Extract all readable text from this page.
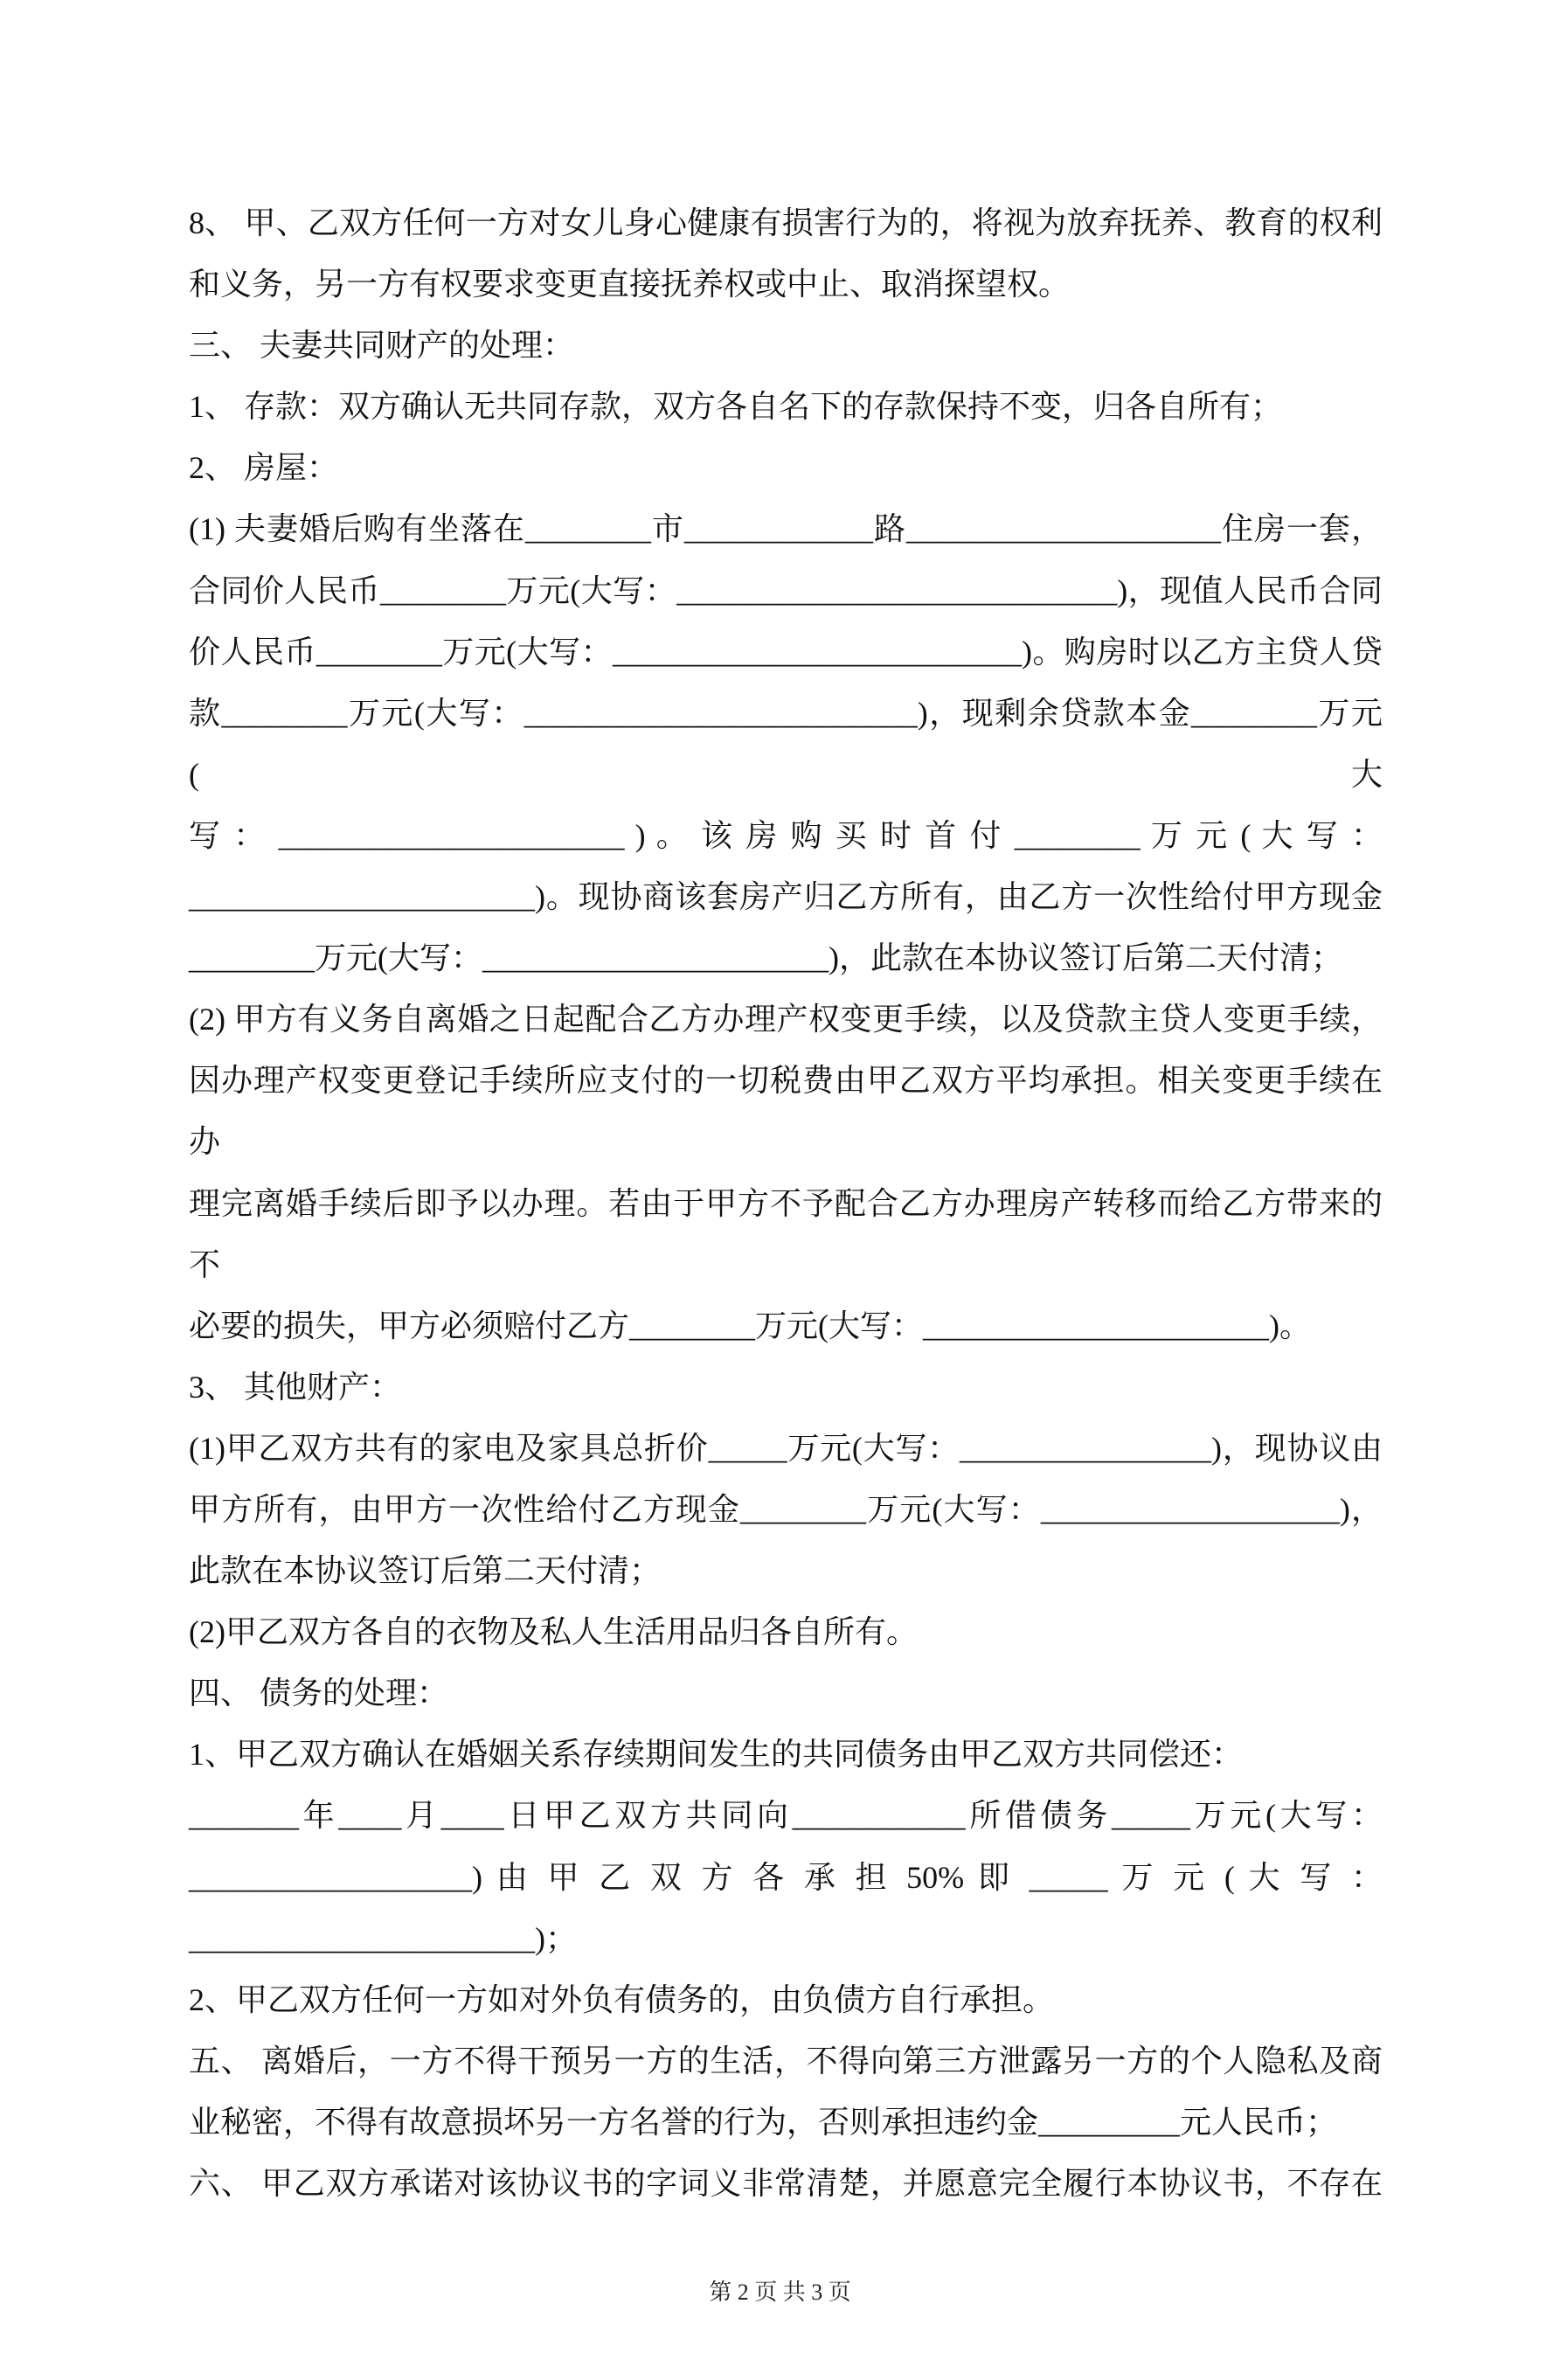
8、 甲、乙双方任何一方对女儿身心健康有损害行为的，将视为放弃抚养、教育的权利
和义务，另一方有权要求变更直接抚养权或中止、取消探望权。
三、 夫妻共同财产的处理：
1、 存款：双方确认无共同存款，双方各自名下的存款保持不变，归各自所有；
2、 房屋：
(1) 夫妻婚后购有坐落在________市____________路____________________住房一套，
合同价人民币________万元(大写：____________________________)，现值人民币合同
价人民币________万元(大写：__________________________)。购房时以乙方主贷人贷
款________万元(大写：_________________________)，现剩余贷款本金________万元(大
写 ： ______________________ ) 。 该 房 购 买 时 首 付 ________ 万 元 ( 大 写 ：
______________________)。现协商该套房产归乙方所有，由乙方一次性给付甲方现金
________万元(大写：______________________)，此款在本协议签订后第二天付清；
(2) 甲方有义务自离婚之日起配合乙方办理产权变更手续，以及贷款主贷人变更手续，
因办理产权变更登记手续所应支付的一切税费由甲乙双方平均承担。相关变更手续在办
理完离婚手续后即予以办理。若由于甲方不予配合乙方办理房产转移而给乙方带来的不
必要的损失，甲方必须赔付乙方________万元(大写：______________________)。
3、 其他财产：
(1)甲乙双方共有的家电及家具总折价_____万元(大写：________________)，现协议由
甲方所有，由甲方一次性给付乙方现金________万元(大写：___________________)，
此款在本协议签订后第二天付清；
(2)甲乙双方各自的衣物及私人生活用品归各自所有。
四、 债务的处理：
1、甲乙双方确认在婚姻关系存续期间发生的共同债务由甲乙双方共同偿还：
_______年____月____日甲乙双方共同向___________所借债务_____万元(大写：
__________________) 由 甲 乙 双 方 各 承 担 50% 即 _____ 万 元 ( 大 写 ：
______________________)；
2、甲乙双方任何一方如对外负有债务的，由负债方自行承担。
五、 离婚后，一方不得干预另一方的生活，不得向第三方泄露另一方的个人隐私及商
业秘密，不得有故意损坏另一方名誉的行为，否则承担违约金_________元人民币；
六、 甲乙双方承诺对该协议书的字词义非常清楚，并愿意完全履行本协议书，不存在
第 2 页 共 3 页
